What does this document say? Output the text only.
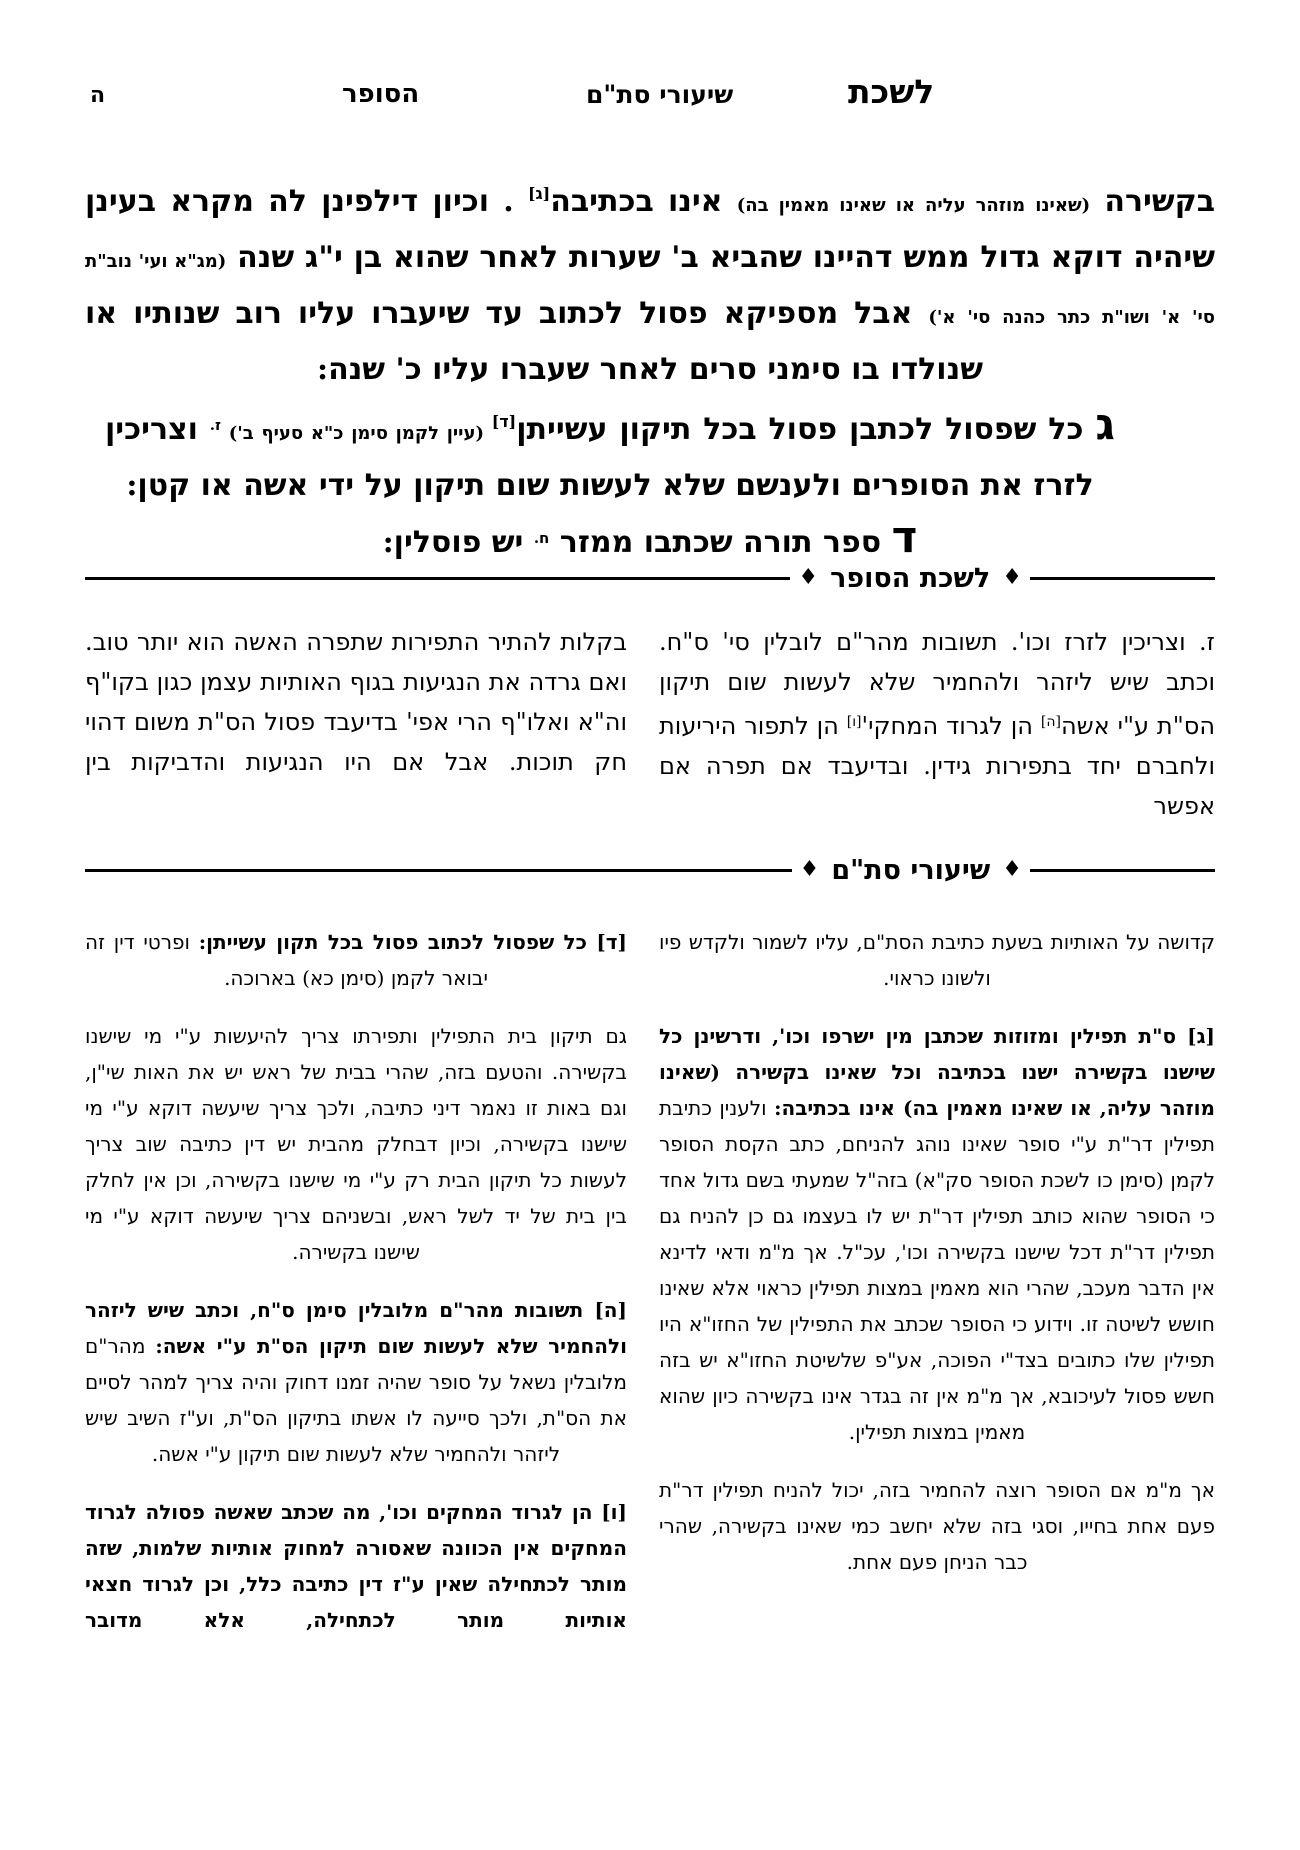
לשכת
שיעורי סת"ם
הסופר
ה

בקשירה (שאינו מוזהר עליה או שאינו מאמין בה) אינו בכתיבה[ג] . וכיון דילפינן לה מקרא בעינן שיהיה דוקא גדול ממש דהיינו שהביא ב' שערות לאחר שהוא בן י"ג שנה (מג"א ועי' נוב"ת סי' א' ושו"ת כתר כהנה סי' א') אבל מספיקא פסול לכתוב עד שיעברו עליו רוב שנותיו או שנולדו בו סימני סרים לאחר שעברו עליו כ' שנה:

ג כל שפסול לכתבן פסול בכל תיקון עשייתן[ד] (עיין לקמן סימן כ"א סעיף ב') $^{ז.}$ וצריכין לזרז את הסופרים ולענשם שלא לעשות שום תיקון על ידי אשה או קטן:

ד ספר תורה שכתבו ממזר $^{ח.}$ יש פוסלין:

♦
לשכת הסופר
♦

ז. וצריכין לזרז וכו'. תשובות מהר"ם לובלין סי' ס"ח. וכתב שיש ליזהר ולהחמיר שלא לעשות שום תיקון הס"ת ע"י אשה[ה] הן לגרוד המחקי'[ו] הן לתפור היריעות ולחברם יחד בתפירות גידין. ובדיעבד אם תפרה אם אפשר

בקלות להתיר התפירות שתפרה האשה הוא יותר טוב. ואם גרדה את הנגיעות בגוף האותיות עצמן כגון בקו"ף וה"א ואלו"ף הרי אפי' בדיעבד פסול הס"ת משום דהוי חק תוכות. אבל אם היו הנגיעות והדביקות בין

♦
שיעורי סת"ם
♦

קדושה על האותיות בשעת כתיבת הסת"ם, עליו לשמור ולקדש פיו ולשונו כראוי.

[ג] ס"ת תפילין ומזוזות שכתבן מין ישרפו וכו', ודרשינן כל שישנו בקשירה ישנו בכתיבה וכל שאינו בקשירה (שאינו מוזהר עליה, או שאינו מאמין בה) אינו בכתיבה: ולענין כתיבת תפילין דר"ת ע"י סופר שאינו נוהג להניחם, כתב הקסת הסופר לקמן (סימן כו לשכת הסופר סק"א) בזה"ל שמעתי בשם גדול אחד כי הסופר שהוא כותב תפילין דר"ת יש לו בעצמו גם כן להניח גם תפילין דר"ת דכל שישנו בקשירה וכו', עכ"ל. אך מ"מ ודאי לדינא אין הדבר מעכב, שהרי הוא מאמין במצות תפילין כראוי אלא שאינו חושש לשיטה זו. וידוע כי הסופר שכתב את התפילין של החזו"א היו תפילין שלו כתובים בצד"י הפוכה, אע"פ שלשיטת החזו"א יש בזה חשש פסול לעיכובא, אך מ"מ אין זה בגדר אינו בקשירה כיון שהוא מאמין במצות תפילין.

אך מ"מ אם הסופר רוצה להחמיר בזה, יכול להניח תפילין דר"ת פעם אחת בחייו, וסגי בזה שלא יחשב כמי שאינו בקשירה, שהרי כבר הניחן פעם אחת.

[ד] כל שפסול לכתוב פסול בכל תקון עשייתן: ופרטי דין זה יבואר לקמן (סימן כא) בארוכה.

גם תיקון בית התפילין ותפירתו צריך להיעשות ע"י מי שישנו בקשירה. והטעם בזה, שהרי בבית של ראש יש את האות שי"ן, וגם באות זו נאמר דיני כתיבה, ולכך צריך שיעשה דוקא ע"י מי שישנו בקשירה, וכיון דבחלק מהבית יש דין כתיבה שוב צריך לעשות כל תיקון הבית רק ע"י מי שישנו בקשירה, וכן אין לחלק בין בית של יד לשל ראש, ובשניהם צריך שיעשה דוקא ע"י מי שישנו בקשירה.

[ה] תשובות מהר"ם מלובלין סימן ס"ח, וכתב שיש ליזהר ולהחמיר שלא לעשות שום תיקון הס"ת ע"י אשה: מהר"ם מלובלין נשאל על סופר שהיה זמנו דחוק והיה צריך למהר לסיים את הס"ת, ולכך סייעה לו אשתו בתיקון הס"ת, וע"ז השיב שיש ליזהר ולהחמיר שלא לעשות שום תיקון ע"י אשה.

[ו] הן לגרוד המחקים וכו', מה שכתב שאשה פסולה לגרוד המחקים אין הכוונה שאסורה למחוק אותיות שלמות, שזה מותר לכתחילה שאין ע"ז דין כתיבה כלל, וכן לגרוד חצאי אותיות מותר לכתחילה, אלא מדובר
